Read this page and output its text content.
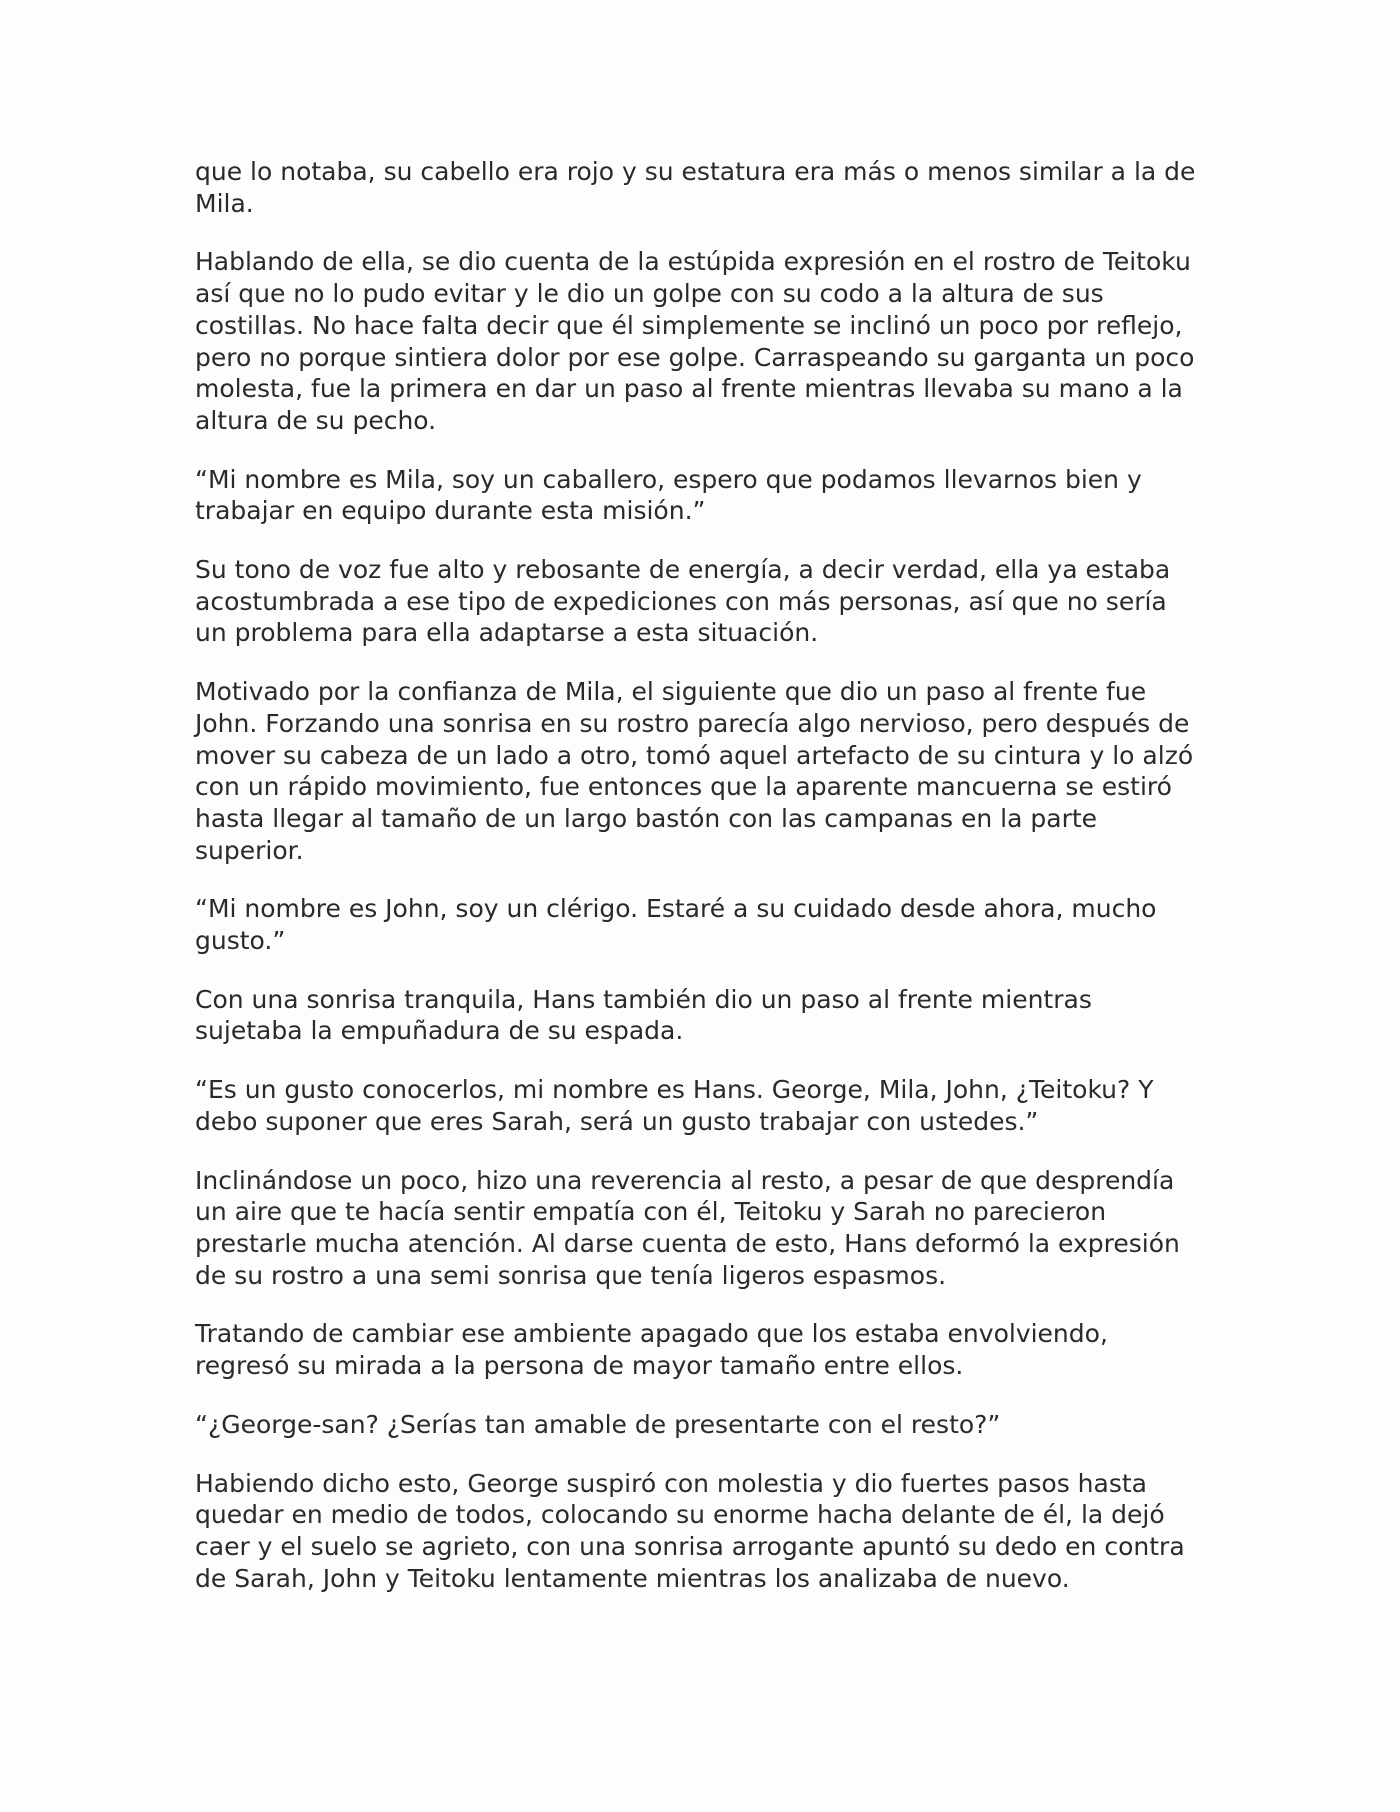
que lo notaba, su cabello era rojo y su estatura era más o menos similar a la de
Mila.

Hablando de ella, se dio cuenta de la estúpida expresión en el rostro de Teitoku
así que no lo pudo evitar y le dio un golpe con su codo a la altura de sus
costillas. No hace falta decir que él simplemente se inclinó un poco por reflejo,
pero no porque sintiera dolor por ese golpe. Carraspeando su garganta un poco
molesta, fue la primera en dar un paso al frente mientras llevaba su mano a la
altura de su pecho.

“Mi nombre es Mila, soy un caballero, espero que podamos llevarnos bien y
trabajar en equipo durante esta misión.”

Su tono de voz fue alto y rebosante de energía, a decir verdad, ella ya estaba
acostumbrada a ese tipo de expediciones con más personas, así que no sería
un problema para ella adaptarse a esta situación.

Motivado por la confianza de Mila, el siguiente que dio un paso al frente fue
John. Forzando una sonrisa en su rostro parecía algo nervioso, pero después de
mover su cabeza de un lado a otro, tomó aquel artefacto de su cintura y lo alzó
con un rápido movimiento, fue entonces que la aparente mancuerna se estiró
hasta llegar al tamaño de un largo bastón con las campanas en la parte
superior.

“Mi nombre es John, soy un clérigo. Estaré a su cuidado desde ahora, mucho
gusto.”

Con una sonrisa tranquila, Hans también dio un paso al frente mientras
sujetaba la empuñadura de su espada.

“Es un gusto conocerlos, mi nombre es Hans. George, Mila, John, ¿Teitoku? Y
debo suponer que eres Sarah, será un gusto trabajar con ustedes.”

Inclinándose un poco, hizo una reverencia al resto, a pesar de que desprendía
un aire que te hacía sentir empatía con él, Teitoku y Sarah no parecieron
prestarle mucha atención. Al darse cuenta de esto, Hans deformó la expresión
de su rostro a una semi sonrisa que tenía ligeros espasmos.

Tratando de cambiar ese ambiente apagado que los estaba envolviendo,
regresó su mirada a la persona de mayor tamaño entre ellos.

“¿George-san? ¿Serías tan amable de presentarte con el resto?”

Habiendo dicho esto, George suspiró con molestia y dio fuertes pasos hasta
quedar en medio de todos, colocando su enorme hacha delante de él, la dejó
caer y el suelo se agrieto, con una sonrisa arrogante apuntó su dedo en contra
de Sarah, John y Teitoku lentamente mientras los analizaba de nuevo.
